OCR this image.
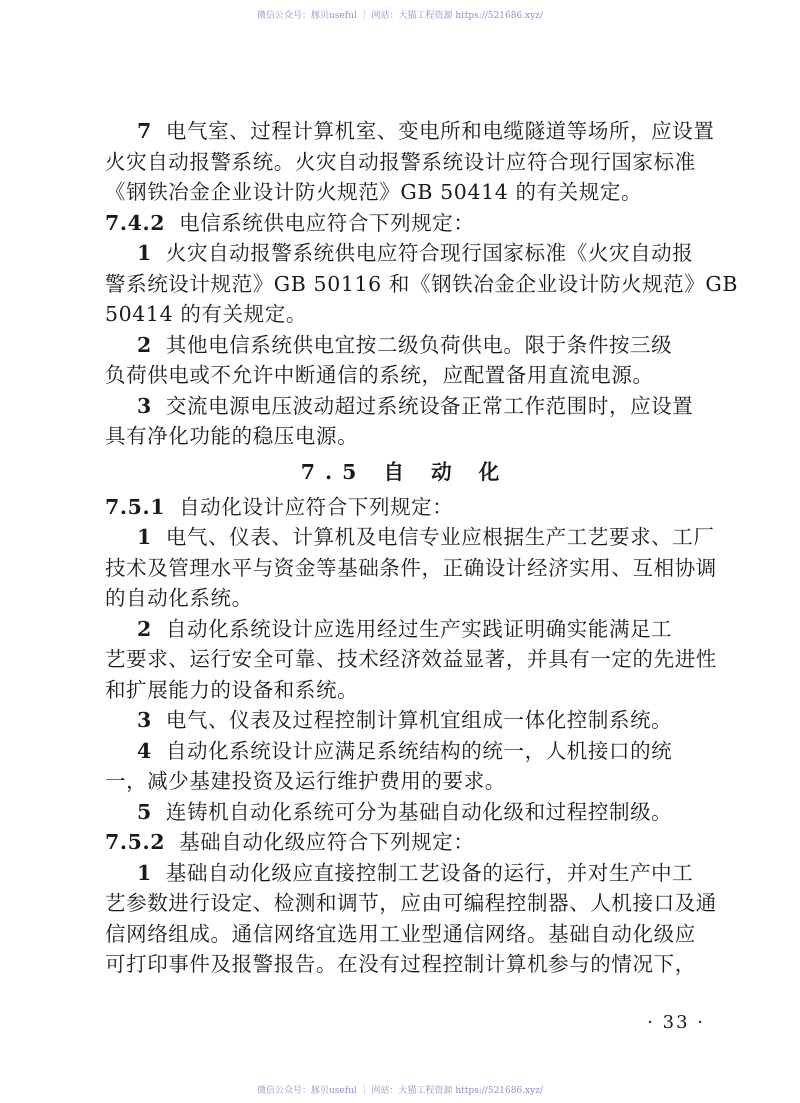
微信公众号：豚贝useful ｜ 网站：大猫工程资源 https://521686.xyz/
7 电气室、过程计算机室、变电所和电缆隧道等场所，应设置
火灾自动报警系统。火灾自动报警系统设计应符合现行国家标准
《钢铁冶金企业设计防火规范》GB 50414 的有关规定。
7.4.2 电信系统供电应符合下列规定：
1 火灾自动报警系统供电应符合现行国家标准《火灾自动报
警系统设计规范》GB 50116 和《钢铁冶金企业设计防火规范》GB
50414 的有关规定。
2 其他电信系统供电宜按二级负荷供电。限于条件按三级
负荷供电或不允许中断通信的系统，应配置备用直流电源。
3 交流电源电压波动超过系统设备正常工作范围时，应设置
具有净化功能的稳压电源。
7.5 自 动 化
7.5.1 自动化设计应符合下列规定：
1 电气、仪表、计算机及电信专业应根据生产工艺要求、工厂
技术及管理水平与资金等基础条件，正确设计经济实用、互相协调
的自动化系统。
2 自动化系统设计应选用经过生产实践证明确实能满足工
艺要求、运行安全可靠、技术经济效益显著，并具有一定的先进性
和扩展能力的设备和系统。
3 电气、仪表及过程控制计算机宜组成一体化控制系统。
4 自动化系统设计应满足系统结构的统一，人机接口的统
一，减少基建投资及运行维护费用的要求。
5 连铸机自动化系统可分为基础自动化级和过程控制级。
7.5.2 基础自动化级应符合下列规定：
1 基础自动化级应直接控制工艺设备的运行，并对生产中工
艺参数进行设定、检测和调节，应由可编程控制器、人机接口及通
信网络组成。通信网络宜选用工业型通信网络。基础自动化级应
可打印事件及报警报告。在没有过程控制计算机参与的情况下，
· 33 ·
微信公众号：豚贝useful ｜ 网站：大猫工程资源 https://521686.xyz/
